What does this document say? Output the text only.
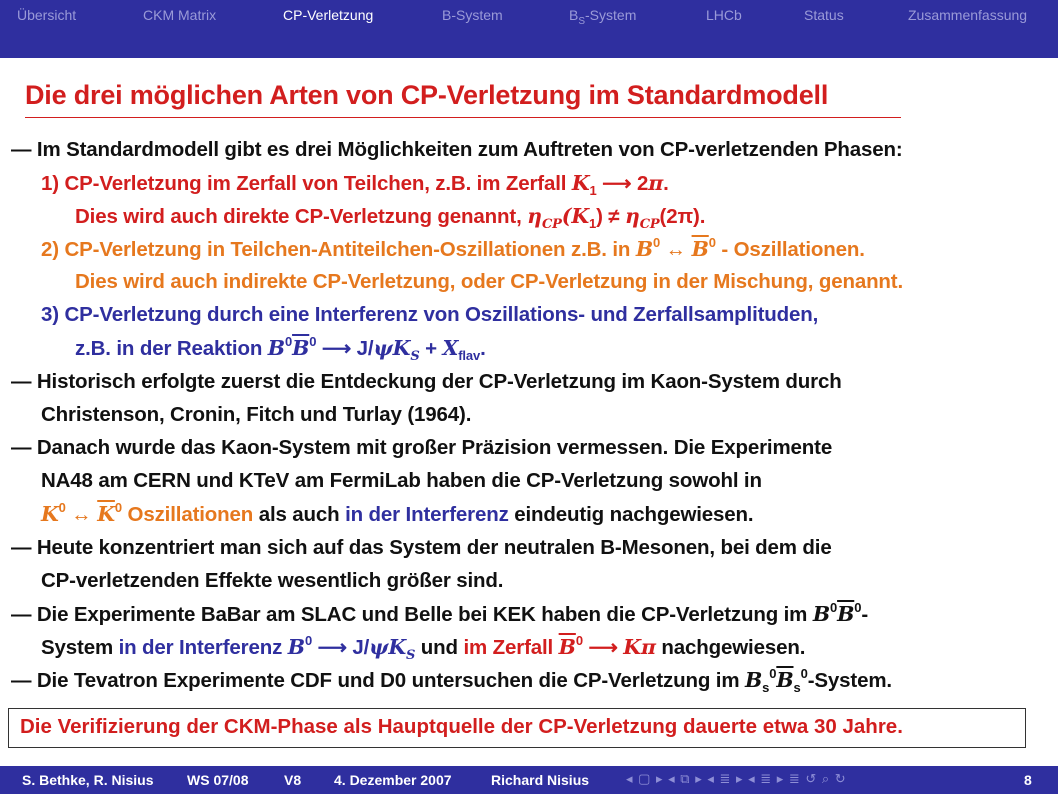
Übersicht	CKM Matrix	CP-Verletzung	B-System	$B_S$-System	LHCb	Status	Zusammenfassung
Die drei möglichen Arten von CP-Verletzung im Standardmodell
— Im Standardmodell gibt es drei Möglichkeiten zum Auftreten von CP-verletzenden Phasen:
1) CP-Verletzung im Zerfall von Teilchen, z.B. im Zerfall $K_1$ ⟶ 2π.
Dies wird auch direkte CP-Verletzung genannt, $\eta_{CP}(K_1) \ne \eta_{CP}(2\pi)$.
2) CP-Verletzung in Teilchen-Antiteilchen-Oszillationen z.B. in $B^0$ ↔ $\overline{B}^0$ - Oszillationen.
Dies wird auch indirekte CP-Verletzung, oder CP-Verletzung in der Mischung, genannt.
3) CP-Verletzung durch eine Interferenz von Oszillations- und Zerfallsamplituden,
z.B. in der Reaktion $B^0\overline{B}^0$ ⟶ $J/\psi K_S + X_{flav}$.
— Historisch erfolgte zuerst die Entdeckung der CP-Verletzung im Kaon-System durch
Christenson, Cronin, Fitch und Turlay (1964).
— Danach wurde das Kaon-System mit großer Präzision vermessen. Die Experimente
NA48 am CERN und KTeV am FermiLab haben die CP-Verletzung sowohl in
$K^0$ ↔ $\overline{K}^0$ Oszillationen als auch in der Interferenz eindeutig nachgewiesen.
— Heute konzentriert man sich auf das System der neutralen B-Mesonen, bei dem die
CP-verletzenden Effekte wesentlich größer sind.
— Die Experimente BaBar am SLAC und Belle bei KEK haben die CP-Verletzung im $B^0\overline{B}^0-$
System in der Interferenz $B^0$ ⟶ $J/\psi K_S$ und im Zerfall $\overline{B}^0$ ⟶ Kπ nachgewiesen.
— Die Tevatron Experimente CDF und D0 untersuchen die CP-Verletzung im $B_s^0\overline{B}_s^0$-System.
Die Verifizierung der CKM-Phase als Hauptquelle der CP-Verletzung dauerte etwa 30 Jahre.
S. Bethke, R. Nisius WS 07/08	V8 4. Dezember 2007	Richard Nisius	◂ ▢ ▸ ◂ ⧉ ▸ ◂ ≣ ▸ ◂ ≣ ▸ ≣ ↺ ⌕ ↻	8
